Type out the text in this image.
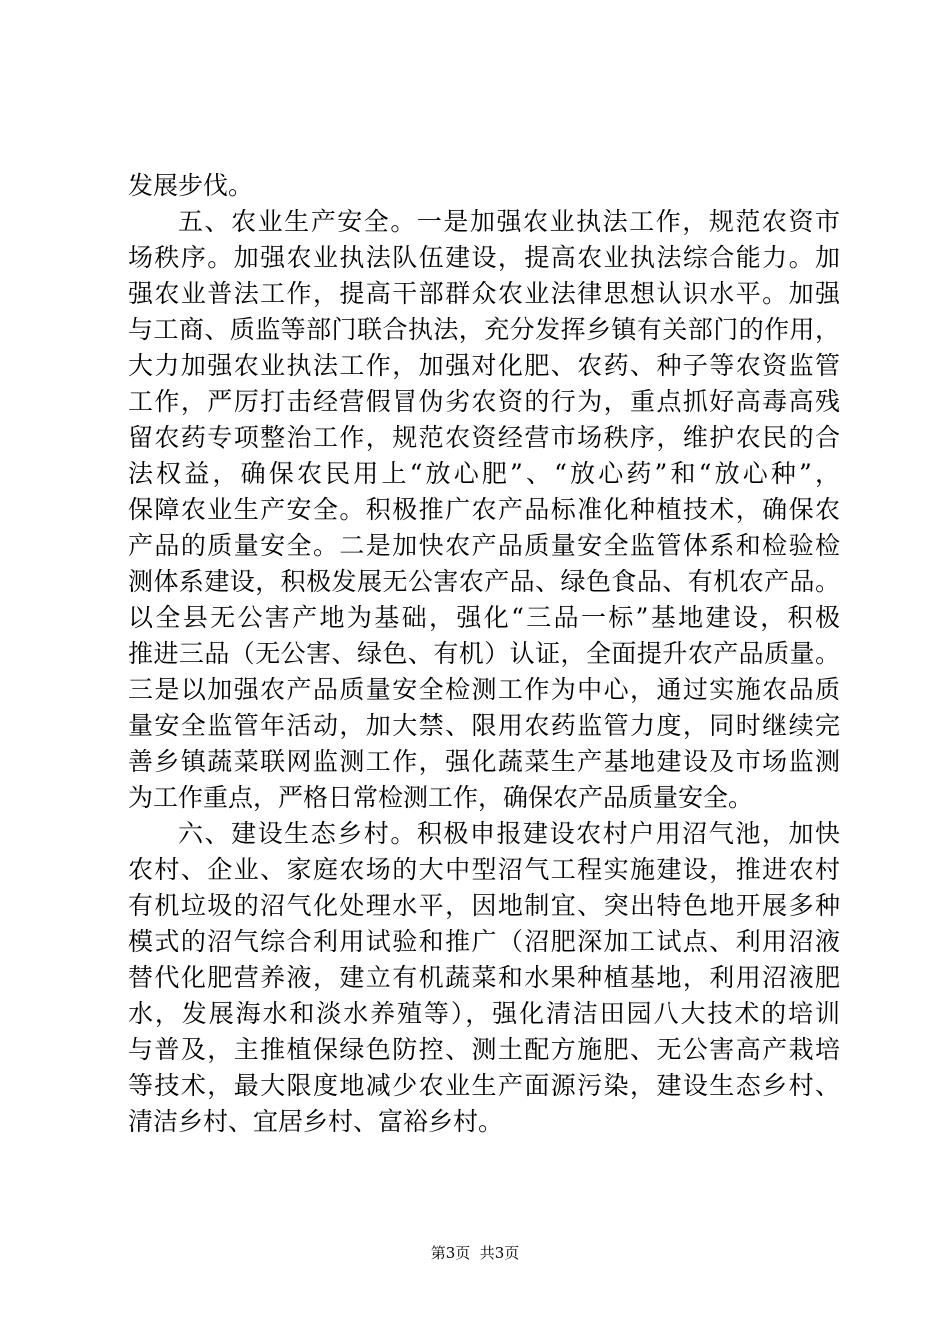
发展步伐。
五、农业生产安全。一是加强农业执法工作，规范农资市
场秩序。加强农业执法队伍建设，提高农业执法综合能力。加
强农业普法工作，提高干部群众农业法律思想认识水平。加强
与工商、质监等部门联合执法，充分发挥乡镇有关部门的作用，
大力加强农业执法工作，加强对化肥、农药、种子等农资监管
工作，严厉打击经营假冒伪劣农资的行为，重点抓好高毒高残
留农药专项整治工作，规范农资经营市场秩序，维护农民的合
法权益，确保农民用上“放心肥”、“放心药”和“放心种”，
保障农业生产安全。积极推广农产品标准化种植技术，确保农
产品的质量安全。二是加快农产品质量安全监管体系和检验检
测体系建设，积极发展无公害农产品、绿色食品、有机农产品。
以全县无公害产地为基础，强化“三品一标”基地建设，积极
推进三品（无公害、绿色、有机）认证，全面提升农产品质量。
三是以加强农产品质量安全检测工作为中心，通过实施农品质
量安全监管年活动，加大禁、限用农药监管力度，同时继续完
善乡镇蔬菜联网监测工作，强化蔬菜生产基地建设及市场监测
为工作重点，严格日常检测工作，确保农产品质量安全。
六、建设生态乡村。积极申报建设农村户用沼气池，加快
农村、企业、家庭农场的大中型沼气工程实施建设，推进农村
有机垃圾的沼气化处理水平，因地制宜、突出特色地开展多种
模式的沼气综合利用试验和推广（沼肥深加工试点、利用沼液
替代化肥营养液，建立有机蔬菜和水果种植基地，利用沼液肥
水，发展海水和淡水养殖等），强化清洁田园八大技术的培训
与普及，主推植保绿色防控、测土配方施肥、无公害高产栽培
等技术，最大限度地减少农业生产面源污染，建设生态乡村、
清洁乡村、宜居乡村、富裕乡村。
第3页  共3页
